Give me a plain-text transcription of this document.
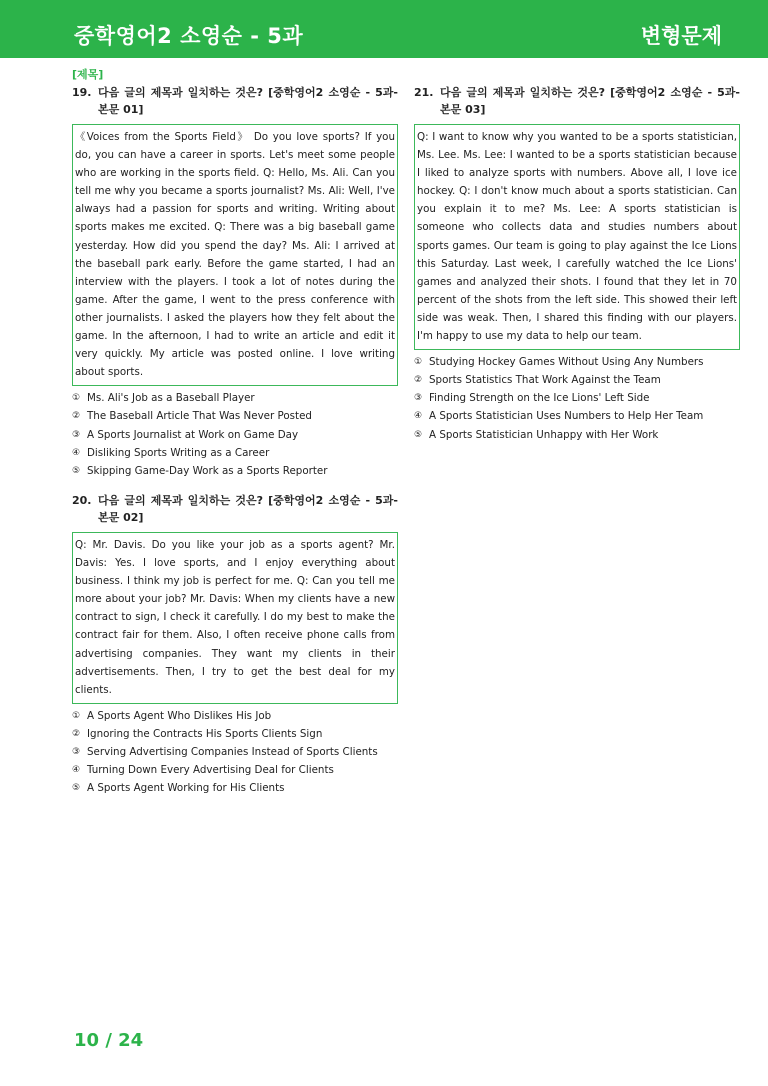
중학영어2 소영순 - 5과	변형문제
[제목]
19. 다음 글의 제목과 일치하는 것은? [중학영어2 소영순 - 5과-본문 01]
《Voices from the Sports Field》 Do you love sports? If you do, you can have a career in sports. Let's meet some people who are working in the sports field. Q: Hello, Ms. Ali. Can you tell me why you became a sports journalist? Ms. Ali: Well, I've always had a passion for sports and writing. Writing about sports makes me excited. Q: There was a big baseball game yesterday. How did you spend the day? Ms. Ali: I arrived at the baseball park early. Before the game started, I had an interview with the players. I took a lot of notes during the game. After the game, I went to the press conference with other journalists. I asked the players how they felt about the game. In the afternoon, I had to write an article and edit it very quickly. My article was posted online. I love writing about sports.
① Ms. Ali's Job as a Baseball Player
② The Baseball Article That Was Never Posted
③ A Sports Journalist at Work on Game Day
④ Disliking Sports Writing as a Career
⑤ Skipping Game-Day Work as a Sports Reporter
20. 다음 글의 제목과 일치하는 것은? [중학영어2 소영순 - 5과-본문 02]
Q: Mr. Davis. Do you like your job as a sports agent? Mr. Davis: Yes. I love sports, and I enjoy everything about business. I think my job is perfect for me. Q: Can you tell me more about your job? Mr. Davis: When my clients have a new contract to sign, I check it carefully. I do my best to make the contract fair for them. Also, I often receive phone calls from advertising companies. They want my clients in their advertisements. Then, I try to get the best deal for my clients.
① A Sports Agent Who Dislikes His Job
② Ignoring the Contracts His Sports Clients Sign
③ Serving Advertising Companies Instead of Sports Clients
④ Turning Down Every Advertising Deal for Clients
⑤ A Sports Agent Working for His Clients
21. 다음 글의 제목과 일치하는 것은? [중학영어2 소영순 - 5과-본문 03]
Q: I want to know why you wanted to be a sports statistician, Ms. Lee. Ms. Lee: I wanted to be a sports statistician because I liked to analyze sports with numbers. Above all, I love ice hockey. Q: I don't know much about a sports statistician. Can you explain it to me? Ms. Lee: A sports statistician is someone who collects data and studies numbers about sports games. Our team is going to play against the Ice Lions this Saturday. Last week, I carefully watched the Ice Lions' games and analyzed their shots. I found that they let in 70 percent of the shots from the left side. This showed their left side was weak. Then, I shared this finding with our players. I'm happy to use my data to help our team.
① Studying Hockey Games Without Using Any Numbers
② Sports Statistics That Work Against the Team
③ Finding Strength on the Ice Lions' Left Side
④ A Sports Statistician Uses Numbers to Help Her Team
⑤ A Sports Statistician Unhappy with Her Work
10 / 24
